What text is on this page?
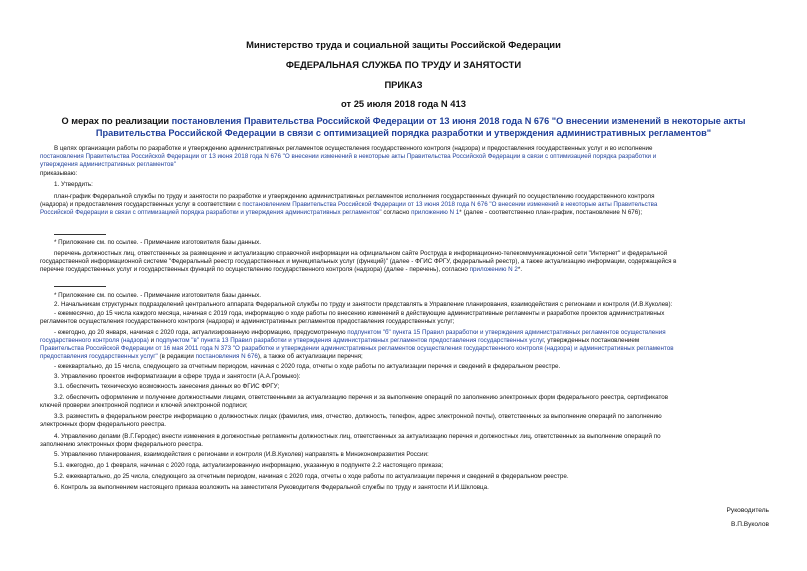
Министерство труда и социальной защиты Российской Федерации
ФЕДЕРАЛЬНАЯ СЛУЖБА ПО ТРУДУ И ЗАНЯТОСТИ
ПРИКАЗ
от 25 июля 2018 года N 413
О мерах по реализации постановления Правительства Российской Федерации от 13 июня 2018 года N 676 "О внесении изменений в некоторые акты
Правительства Российской Федерации в связи с оптимизацией порядка разработки и утверждения административных регламентов"
В целях организации работы по разработке и утверждению административных регламентов осуществления государственного контроля (надзора) и предоставления государственных услуг и во исполнение
постановления Правительства Российской Федерации от 13 июня 2018 года N 676 "О внесении изменений в некоторые акты Правительства Российской Федерации в связи с оптимизацией порядка разработки и
утверждения административных регламентов"
приказываю:
1. Утвердить:
план-график Федеральной службы по труду и занятости по разработке и утверждению административных регламентов исполнения государственных функций по осуществлению государственного контроля
(надзора) и предоставления государственных услуг в соответствии с постановлением Правительства Российской Федерации от 13 июня 2018 года N 676 "О внесении изменений в некоторые акты Правительства
Российской Федерации в связи с оптимизацией порядка разработки и утверждения административных регламентов" согласно приложению N 1* (далее - соответственно план-график, постановление N 676);
* Приложение см. по ссылке. - Примечание изготовителя базы данных.
перечень должностных лиц, ответственных за размещение и актуализацию справочной информации на официальном сайте Роструда в информационно-телекоммуникационной сети "Интернет" и федеральной
государственной информационной системе "Федеральный реестр государственных и муниципальных услуг (функций)" (далее - ФГИС ФРГУ, федеральный реестр), а также актуализацию информации, содержащейся в
перечне государственных услуг и государственных функций по осуществлению государственного контроля (надзора) (далее - перечень), согласно приложению N 2*.
* Приложение см. по ссылке. - Примечание изготовителя базы данных.
2. Начальникам структурных подразделений центрального аппарата Федеральной службы по труду и занятости представлять в Управление планирования, взаимодействия с регионами и контроля (И.В.Куколев):
- ежемесячно, до 15 числа каждого месяца, начиная с 2019 года, информацию о ходе работы по внесению изменений в действующие административные регламенты и разработке проектов административных
регламентов осуществления государственного контроля (надзора) и административных регламентов предоставления государственных услуг;
- ежегодно, до 20 января, начиная с 2020 года, актуализированную информацию, предусмотренную подпунктом "б" пункта 15 Правил разработки и утверждения административных регламентов осуществления
государственного контроля (надзора) и подпунктом "в" пункта 13 Правил разработки и утверждения административных регламентов предоставления государственных услуг, утвержденных постановлением
Правительства Российской Федерации от 16 мая 2011 года N 373 "О разработке и утверждении административных регламентов осуществления государственного контроля (надзора) и административных регламентов
предоставления государственных услуг" (в редакции постановления N 676), а также об актуализации перечня;
- ежеквартально, до 15 числа, следующего за отчетным периодом, начиная с 2020 года, отчеты о ходе работы по актуализации перечня и сведений в федеральном реестре.
3. Управлению проектов информатизации в сфере труда и занятости (А.А.Громыко):
3.1. обеспечить техническую возможность занесения данных во ФГИС ФРГУ;
3.2. обеспечить оформление и получение должностными лицами, ответственными за актуализацию перечня и за выполнение операций по заполнению электронных форм федерального реестра, сертификатов
ключей проверки электронной подписи и ключей электронной подписи;
3.3. разместить в федеральном реестре информацию о должностных лицах (фамилия, имя, отчество, должность, телефон, адрес электронной почты), ответственных за выполнение операций по заполнению
электронных форм федерального реестра.
4. Управлению делами (В.Г.Геродес) внести изменения в должностные регламенты должностных лиц, ответственных за актуализацию перечня и должностных лиц, ответственных за выполнение операций по
заполнению электронных форм федерального реестра.
5. Управлению планирования, взаимодействия с регионами и контроля (И.В.Куколев) направлять в Минэкономразвития России:
5.1. ежегодно, до 1 февраля, начиная с 2020 года, актуализированную информацию, указанную в подпункте 2.2 настоящего приказа;
5.2. ежеквартально, до 25 числа, следующего за отчетным периодом, начиная с 2020 года, отчеты о ходе работы по актуализации перечня и сведений в федеральном реестре.
6. Контроль за выполнением настоящего приказа возложить на заместителя Руководителя Федеральной службы по труду и занятости И.И.Шкловца.
Руководитель
В.П.Вуколов
